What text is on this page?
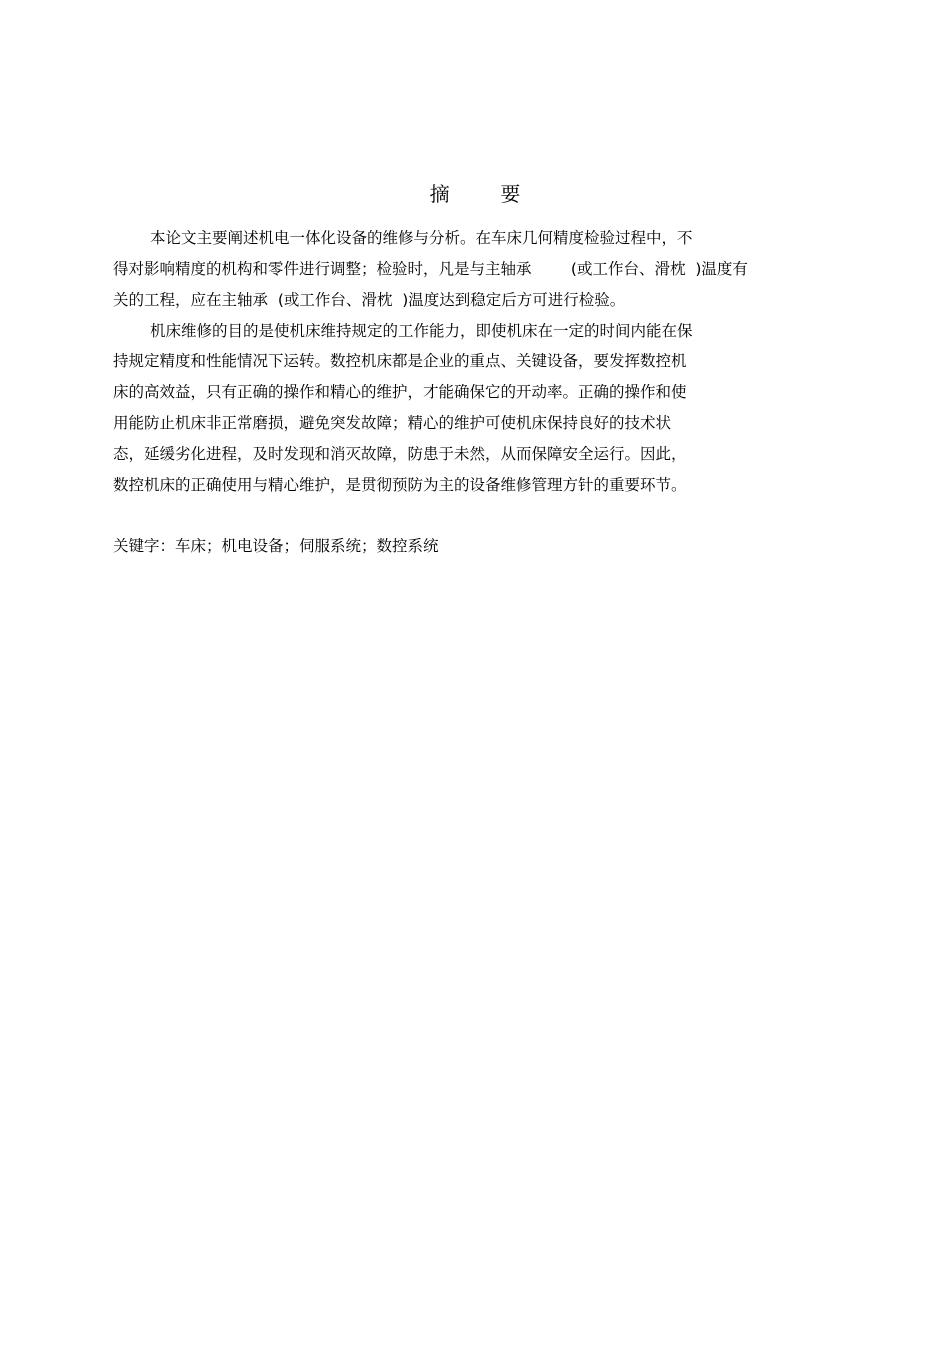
摘        要
本论文主要阐述机电一体化设备的维修与分析。在车床几何精度检验过程中，不
得对影响精度的机构和零件进行调整；检验时，凡是与主轴承        (或工作台、滑枕  )温度有
关的工程，应在主轴承  (或工作台、滑枕  )温度达到稳定后方可进行检验。
机床维修的目的是使机床维持规定的工作能力，即使机床在一定的时间内能在保
持规定精度和性能情况下运转。数控机床都是企业的重点、关键设备，要发挥数控机
床的高效益，只有正确的操作和精心的维护，才能确保它的开动率。正确的操作和使
用能防止机床非正常磨损，避免突发故障；精心的维护可使机床保持良好的技术状
态，延缓劣化进程，及时发现和消灭故障，防患于未然，从而保障安全运行。因此，
数控机床的正确使用与精心维护，是贯彻预防为主的设备维修管理方针的重要环节。
关键字：车床；机电设备；伺服系统；数控系统
